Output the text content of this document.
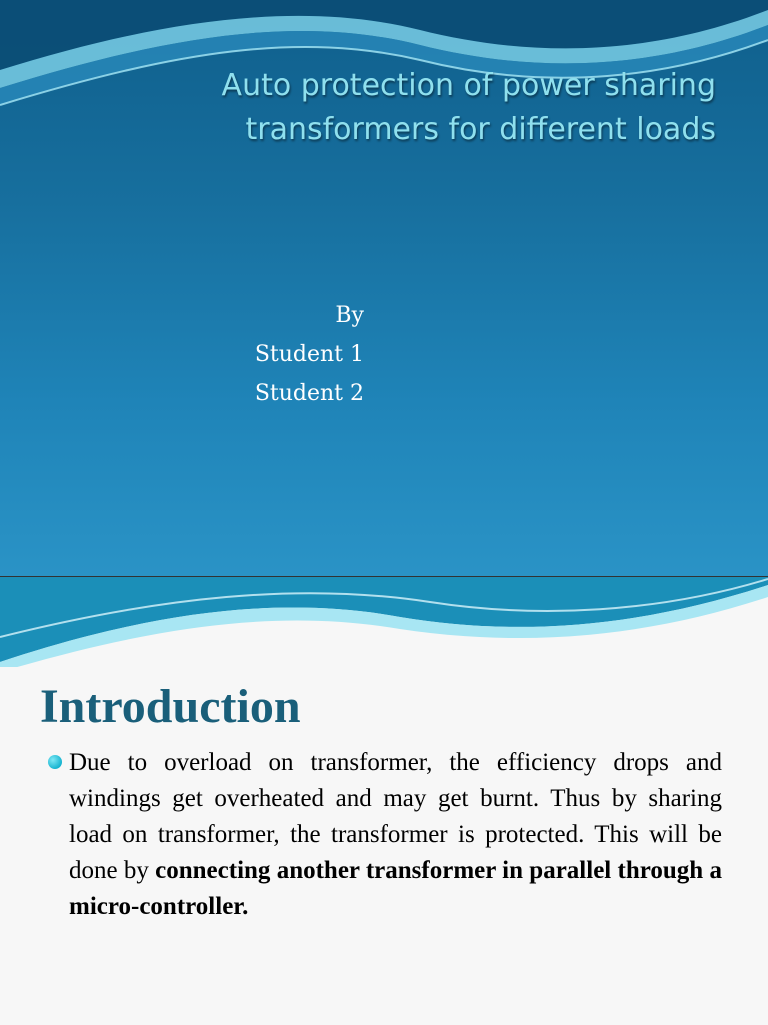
Auto protection of power sharing transformers for different loads
By
Student 1
Student 2
Introduction

Due to overload on transformer, the efficiency drops and windings get overheated and may get burnt. Thus by sharing load on transformer, the transformer is protected. This will be done by connecting another transformer in parallel through a micro-controller.
